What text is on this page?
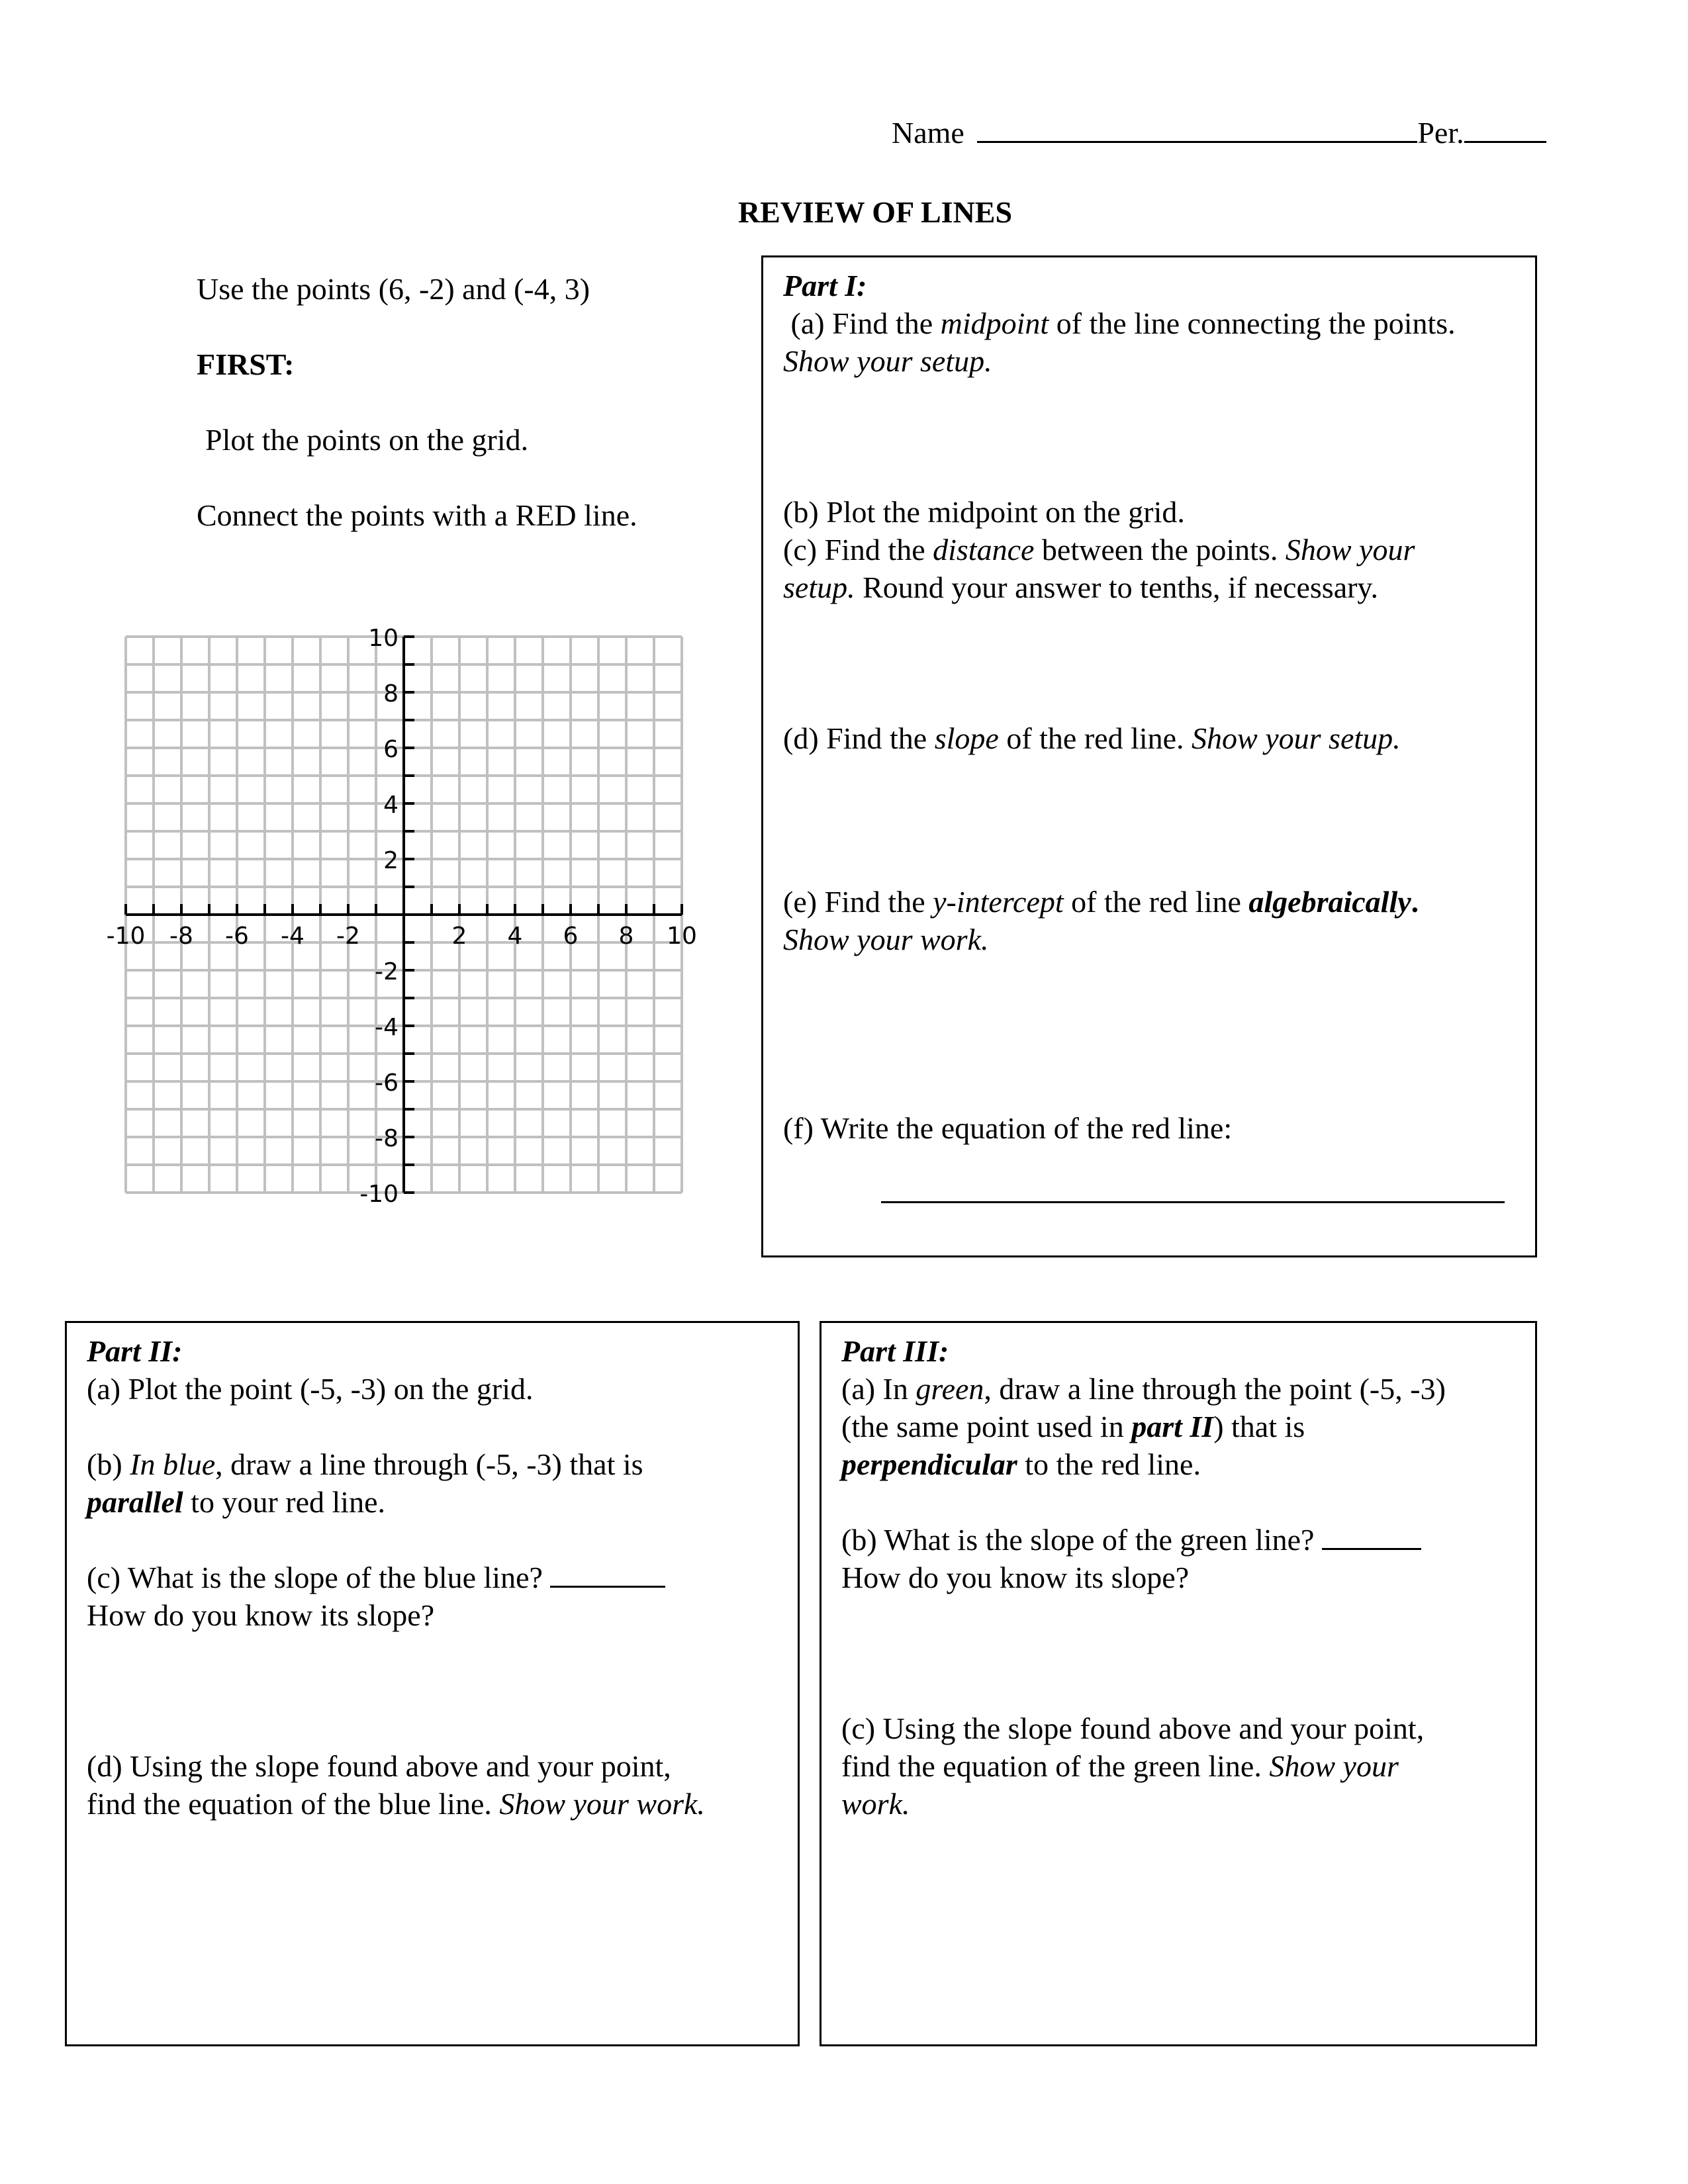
Name	Per.
REVIEW OF LINES
Use the points (6, -2) and (-4, 3)
FIRST:
Plot the points on the grid.
Connect the points with a RED line.
-10 -8 -6 -4 -2	2 4 6 8 10
10
8
6
4
2
-2
-4
-6
-8
-10
Part I:
(a) Find the midpoint of the line connecting the points.
Show your setup.
(b) Plot the midpoint on the grid.
(c) Find the distance between the points. Show your
setup. Round your answer to tenths, if necessary.
(d) Find the slope of the red line. Show your setup.
(e) Find the y-intercept of the red line algebraically.
Show your work.
(f) Write the equation of the red line:
Part II:
(a) Plot the point (-5, -3) on the grid.
(b) In blue, draw a line through (-5, -3) that is
parallel to your red line.
(c) What is the slope of the blue line?
How do you know its slope?
(d) Using the slope found above and your point,
find the equation of the blue line. Show your work.
Part III:
(a) In green, draw a line through the point (-5, -3)
(the same point used in part II) that is
perpendicular to the red line.
(b) What is the slope of the green line?
How do you know its slope?
(c) Using the slope found above and your point,
find the equation of the green line. Show your
work.
